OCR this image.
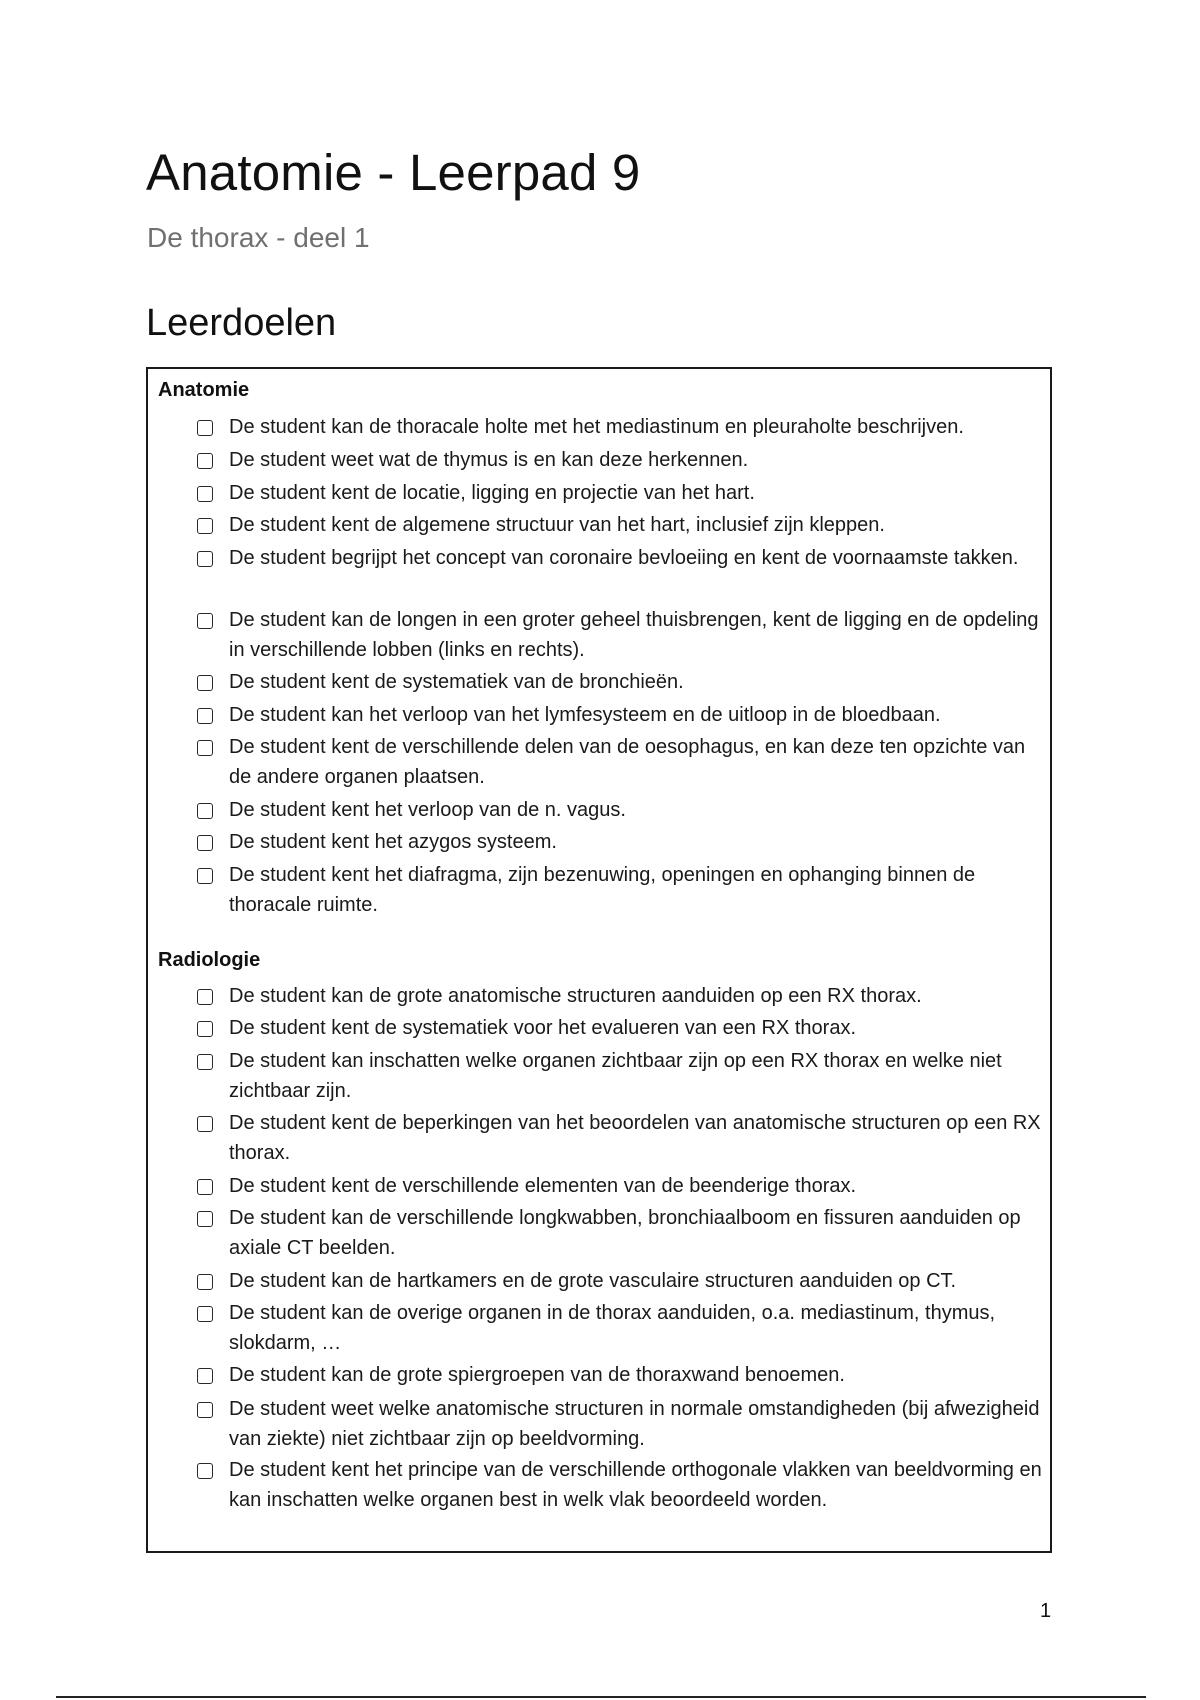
Anatomie - Leerpad 9
De thorax - deel 1
Leerdoelen
Anatomie
De student kan de thoracale holte met het mediastinum en pleuraholte beschrijven.
De student weet wat de thymus is en kan deze herkennen.
De student kent de locatie, ligging en projectie van het hart.
De student kent de algemene structuur van het hart, inclusief zijn kleppen.
De student begrijpt het concept van coronaire bevloeiing en kent de voornaamste takken.
De student kan de longen in een groter geheel thuisbrengen, kent de ligging en de opdeling in verschillende lobben (links en rechts).
De student kent de systematiek van de bronchieën.
De student kan het verloop van het lymfesysteem en de uitloop in de bloedbaan.
De student kent de verschillende delen van de oesophagus, en kan deze ten opzichte van de andere organen plaatsen.
De student kent het verloop van de n. vagus.
De student kent het azygos systeem.
De student kent het diafragma, zijn bezenuwing, openingen en ophanging binnen de thoracale ruimte.
Radiologie
De student kan de grote anatomische structuren aanduiden op een RX thorax.
De student kent de systematiek voor het evalueren van een RX thorax.
De student kan inschatten welke organen zichtbaar zijn op een RX thorax en welke niet zichtbaar zijn.
De student kent de beperkingen van het beoordelen van anatomische structuren op een RX thorax.
De student kent de verschillende elementen van de beenderige thorax.
De student kan de verschillende longkwabben, bronchiaalboom en fissuren aanduiden op axiale CT beelden.
De student kan de hartkamers en de grote vasculaire structuren aanduiden op CT.
De student kan de overige organen in de thorax aanduiden, o.a. mediastinum, thymus, slokdarm, …
De student kan de grote spiergroepen van de thoraxwand benoemen.
De student weet welke anatomische structuren in normale omstandigheden (bij afwezigheid van ziekte) niet zichtbaar zijn op beeldvorming.
De student kent het principe van de verschillende orthogonale vlakken van beeldvorming en kan inschatten welke organen best in welk vlak beoordeeld worden.
1
